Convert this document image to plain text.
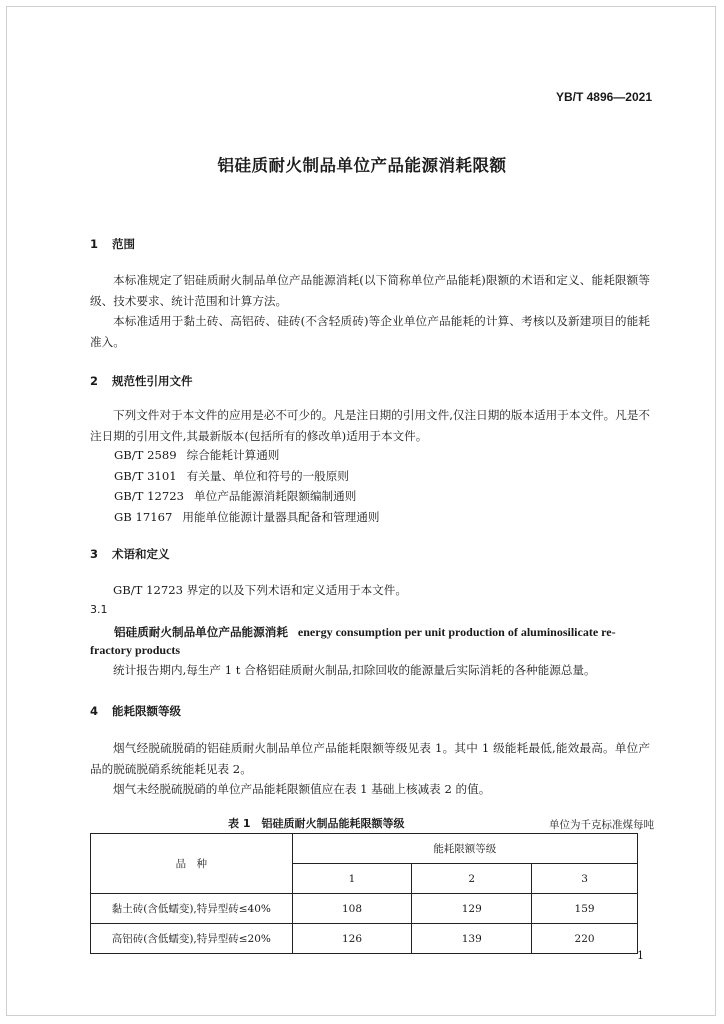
YB/T 4896—2021
铝硅质耐火制品单位产品能源消耗限额
1 范围
本标准规定了铝硅质耐火制品单位产品能源消耗(以下简称单位产品能耗)限额的术语和定义、能耗限额等级、技术要求、统计范围和计算方法。
本标准适用于黏土砖、高铝砖、硅砖(不含轻质砖)等企业单位产品能耗的计算、考核以及新建项目的能耗准入。
2 规范性引用文件
下列文件对于本文件的应用是必不可少的。凡是注日期的引用文件,仅注日期的版本适用于本文件。凡是不注日期的引用文件,其最新版本(包括所有的修改单)适用于本文件。
GB/T 2589 综合能耗计算通则
GB/T 3101 有关量、单位和符号的一般原则
GB/T 12723 单位产品能源消耗限额编制通则
GB 17167 用能单位能源计量器具配备和管理通则
3 术语和定义
GB/T 12723 界定的以及下列术语和定义适用于本文件。
3.1
铝硅质耐火制品单位产品能源消耗 energy consumption per unit production of aluminosilicate re-
fractory products
统计报告期内,每生产 1 t 合格铝硅质耐火制品,扣除回收的能源量后实际消耗的各种能源总量。
4 能耗限额等级
烟气经脱硫脱硝的铝硅质耐火制品单位产品能耗限额等级见表 1。其中 1 级能耗最低,能效最高。单位产品的脱硫脱硝系统能耗见表 2。
烟气未经脱硫脱硝的单位产品能耗限额值应在表 1 基础上核减表 2 的值。
表 1　铝硅质耐火制品能耗限额等级	单位为千克标准煤每吨
品　种	能耗限额等级		
	1	2	3
黏土砖(含低蠕变),特异型砖≤40%	108	129	159
高铝砖(含低蠕变),特异型砖≤20%	126	139	220
1
